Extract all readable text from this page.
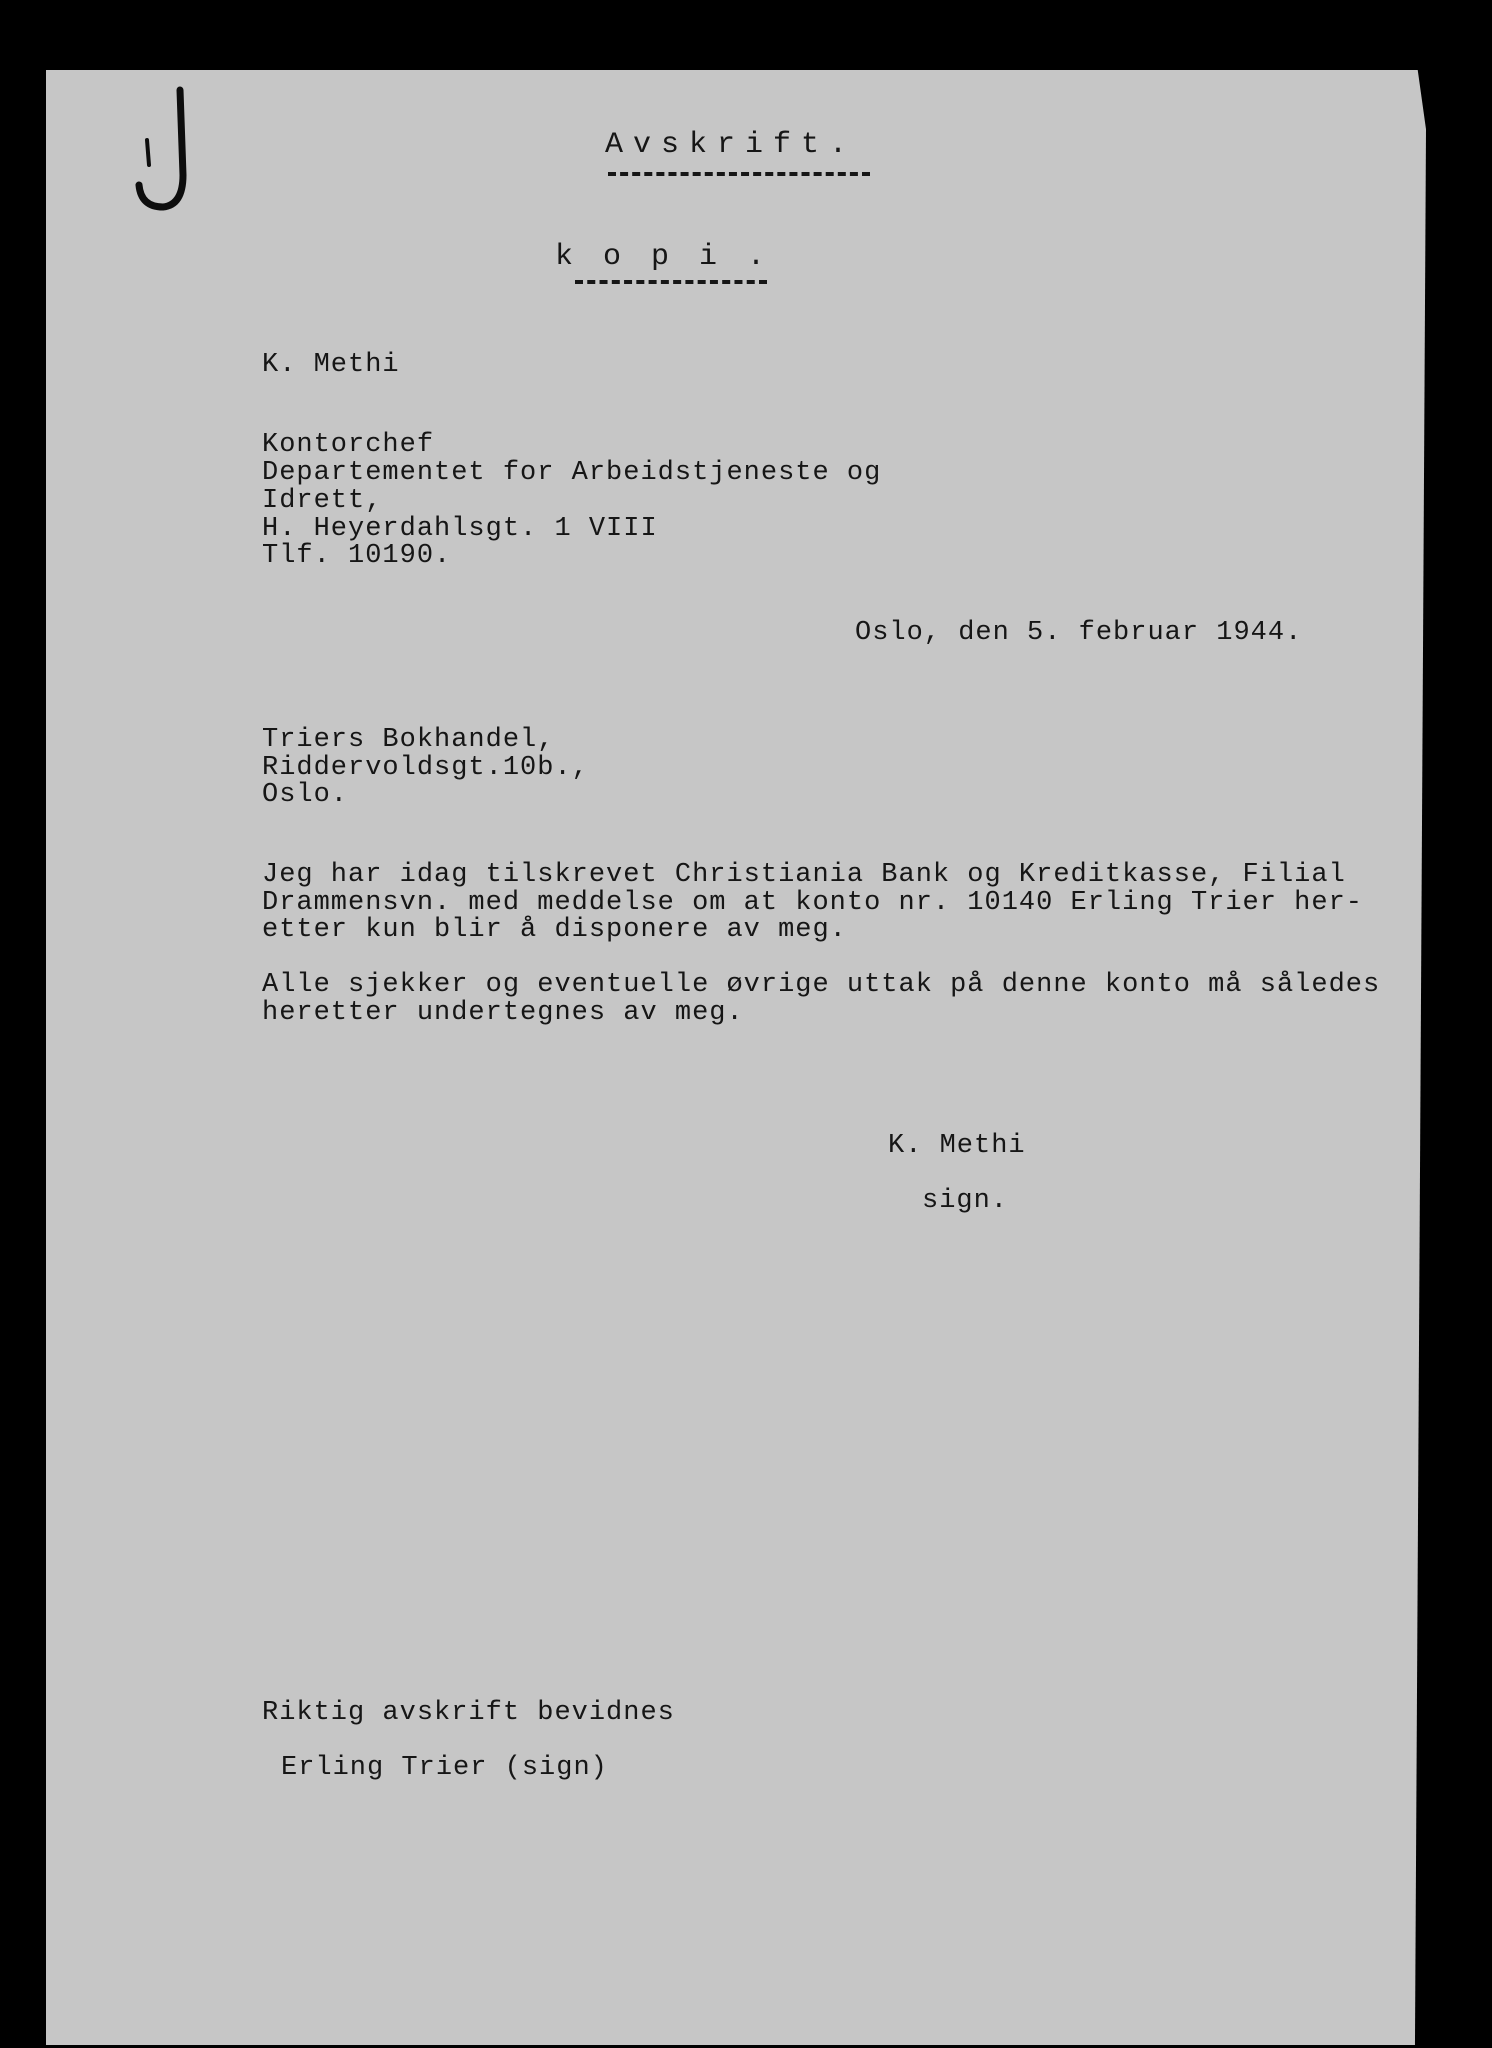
Avskrift.
kopi.
K. Methi
Kontorchef
Departementet for Arbeidstjeneste og
Idrett,
H. Heyerdahlsgt. 1 VIII
Tlf. 10190.
Oslo, den 5. februar 1944.
Triers Bokhandel,
Riddervoldsgt.10b.,
Oslo.
Jeg har idag tilskrevet Christiania Bank og Kreditkasse, Filial
Drammensvn. med meddelse om at konto nr. 10140 Erling Trier her-
etter kun blir å disponere av meg.
Alle sjekker og eventuelle øvrige uttak på denne konto må således
heretter undertegnes av meg.
K. Methi
sign.
Riktig avskrift bevidnes
Erling Trier (sign)
